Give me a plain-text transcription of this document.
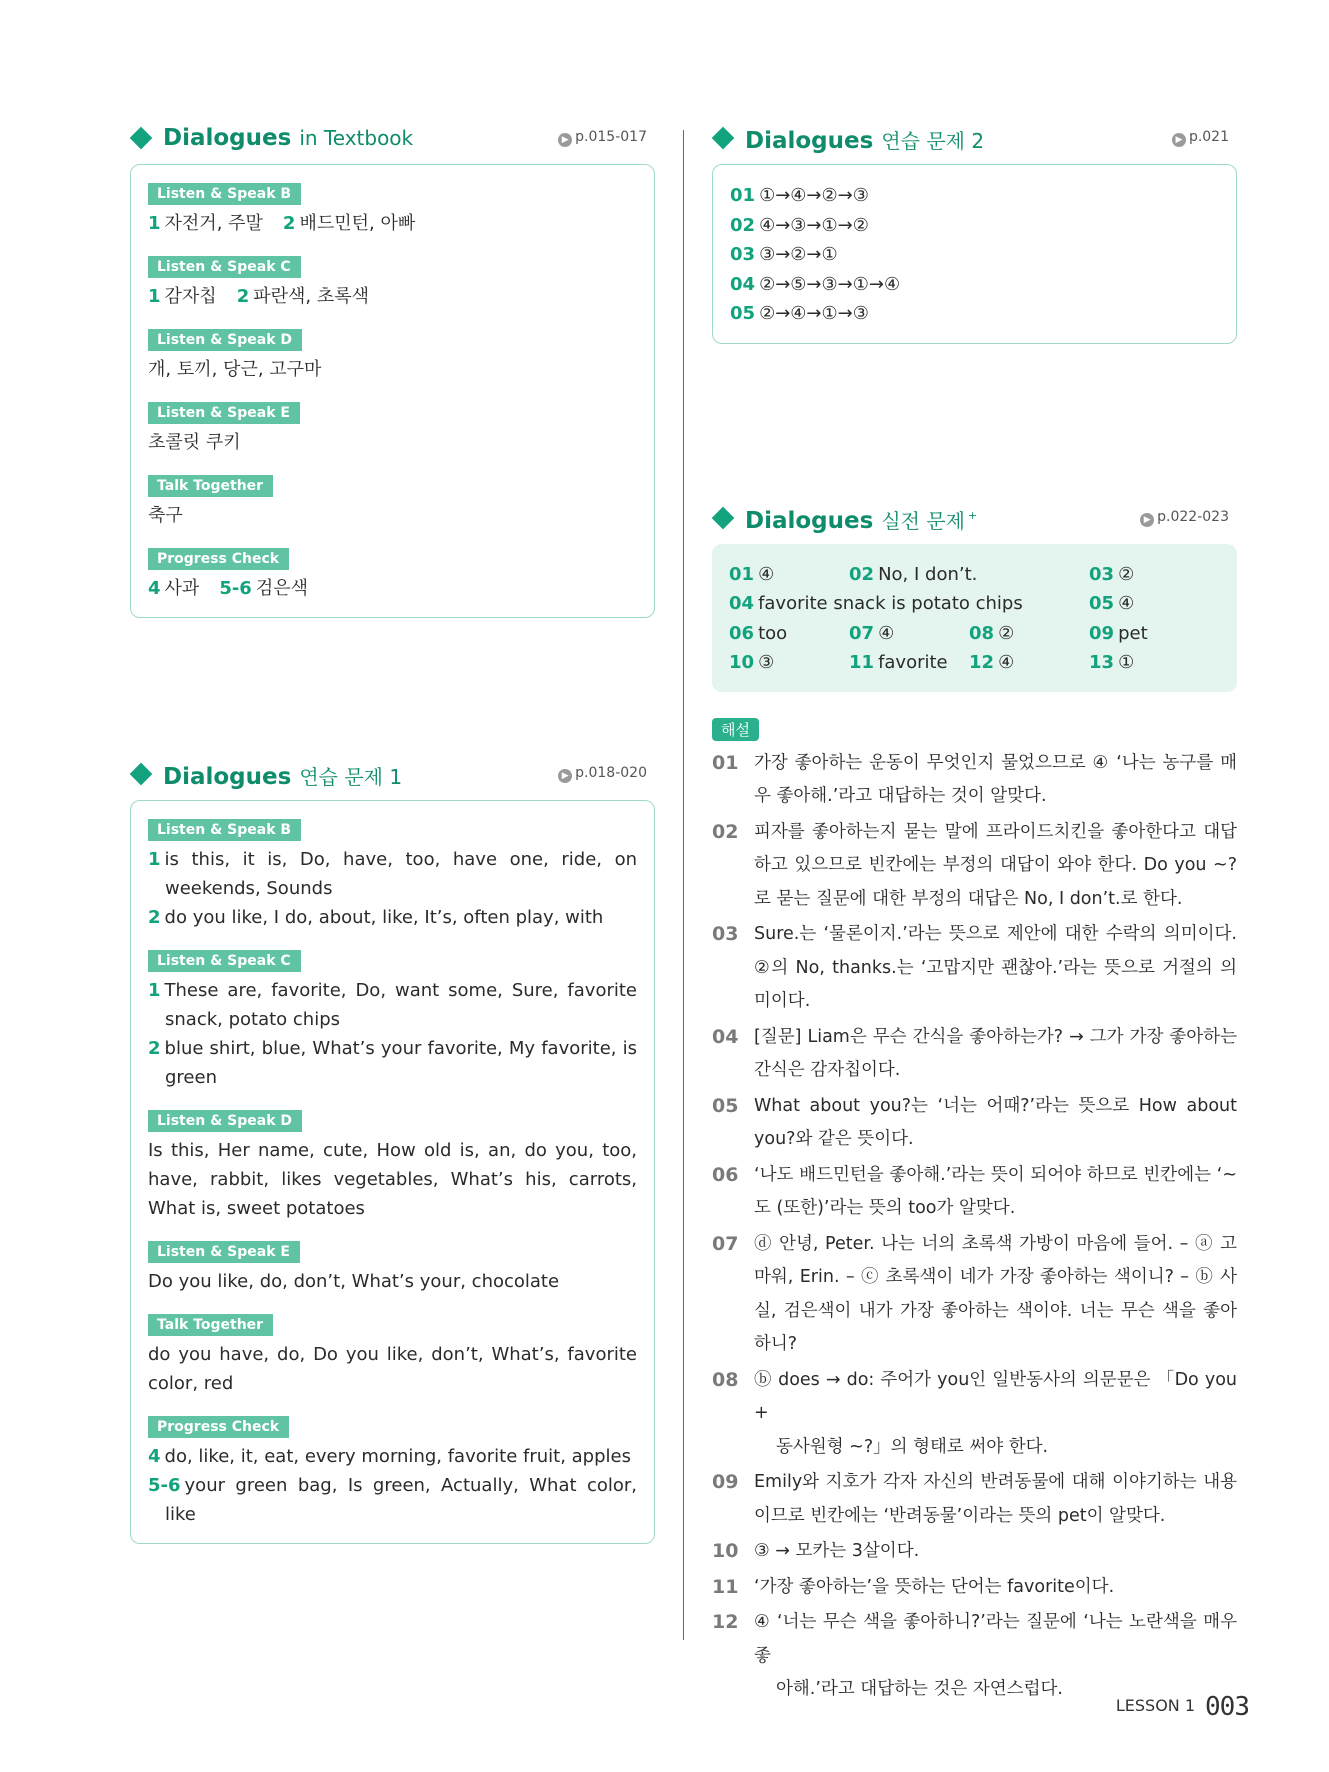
Dialogues in Textbook	▶ p.015-017
Listen & Speak B
1 자전거, 주말 2 배드민턴, 아빠
Listen & Speak C
1 감자칩 2 파란색, 초록색
Listen & Speak D
개, 토끼, 당근, 고구마
Listen & Speak E
초콜릿 쿠키
Talk Together
축구
Progress Check
4 사과 5-6 검은색
Dialogues 연습 문제 1	▶ p.018-020
Listen & Speak B
1 is this, it is, Do, have, too, have one, ride, on weekends, Sounds
2 do you like, I do, about, like, It’s, often play, with
Listen & Speak C
1 These are, favorite, Do, want some, Sure, favorite snack, potato chips
2 blue shirt, blue, What’s your favorite, My favorite, is green
Listen & Speak D
Is this, Her name, cute, How old is, an, do you, too, have, rabbit, likes vegetables, What’s his, carrots, What is, sweet potatoes
Listen & Speak E
Do you like, do, don’t, What’s your, chocolate
Talk Together
do you have, do, Do you like, don’t, What’s, favorite color, red
Progress Check
4 do, like, it, eat, every morning, favorite fruit, apples
5-6 your green bag, Is green, Actually, What color, like
Dialogues 연습 문제 2	▶ p.021
01 ①→④→②→③
02 ④→③→①→②
03 ③→②→①
04 ②→⑤→③→①→④
05 ②→④→①→③
Dialogues 실전 문제 +	▶ p.022-023
01 ④	02 No, I don’t.	03 ②
04 favorite snack is potato chips	05 ④
06 too	07 ④	08 ②	09 pet
10 ③	11 favorite	12 ④	13 ①
해설
01 가장 좋아하는 운동이 무엇인지 물었으므로 ④ ‘나는 농구를 매우 좋아해.’라고 대답하는 것이 알맞다.
02 피자를 좋아하는지 묻는 말에 프라이드치킨을 좋아한다고 대답하고 있으므로 빈칸에는 부정의 대답이 와야 한다. Do you ~?로 묻는 질문에 대한 부정의 대답은 No, I don’t.로 한다.
03 Sure.는 ‘물론이지.’라는 뜻으로 제안에 대한 수락의 의미이다. ②의 No, thanks.는 ‘고맙지만 괜찮아.’라는 뜻으로 거절의 의미이다.
04 [질문] Liam은 무슨 간식을 좋아하는가? → 그가 가장 좋아하는 간식은 감자칩이다.
05 What about you?는 ‘너는 어때?’라는 뜻으로 How about you?와 같은 뜻이다.
06 ‘나도 배드민턴을 좋아해.’라는 뜻이 되어야 하므로 빈칸에는 ‘~도 (또한)’라는 뜻의 too가 알맞다.
07 ⓓ 안녕, Peter. 나는 너의 초록색 가방이 마음에 들어. – ⓐ 고마워, Erin. – ⓒ 초록색이 네가 가장 좋아하는 색이니? – ⓑ 사실, 검은색이 내가 가장 좋아하는 색이야. 너는 무슨 색을 좋아하니?
08 ⓑ does → do: 주어가 you인 일반동사의 의문문은 「Do you +
동사원형 ~?」의 형태로 써야 한다.
09 Emily와 지호가 각자 자신의 반려동물에 대해 이야기하는 내용이므로 빈칸에는 ‘반려동물’이라는 뜻의 pet이 알맞다.
10 ③ → 모카는 3살이다.
11 ‘가장 좋아하는’을 뜻하는 단어는 favorite이다.
12 ④ ‘너는 무슨 색을 좋아하니?’라는 질문에 ‘나는 노란색을 매우 좋
아해.’라고 대답하는 것은 자연스럽다.
LESSON 1 003
